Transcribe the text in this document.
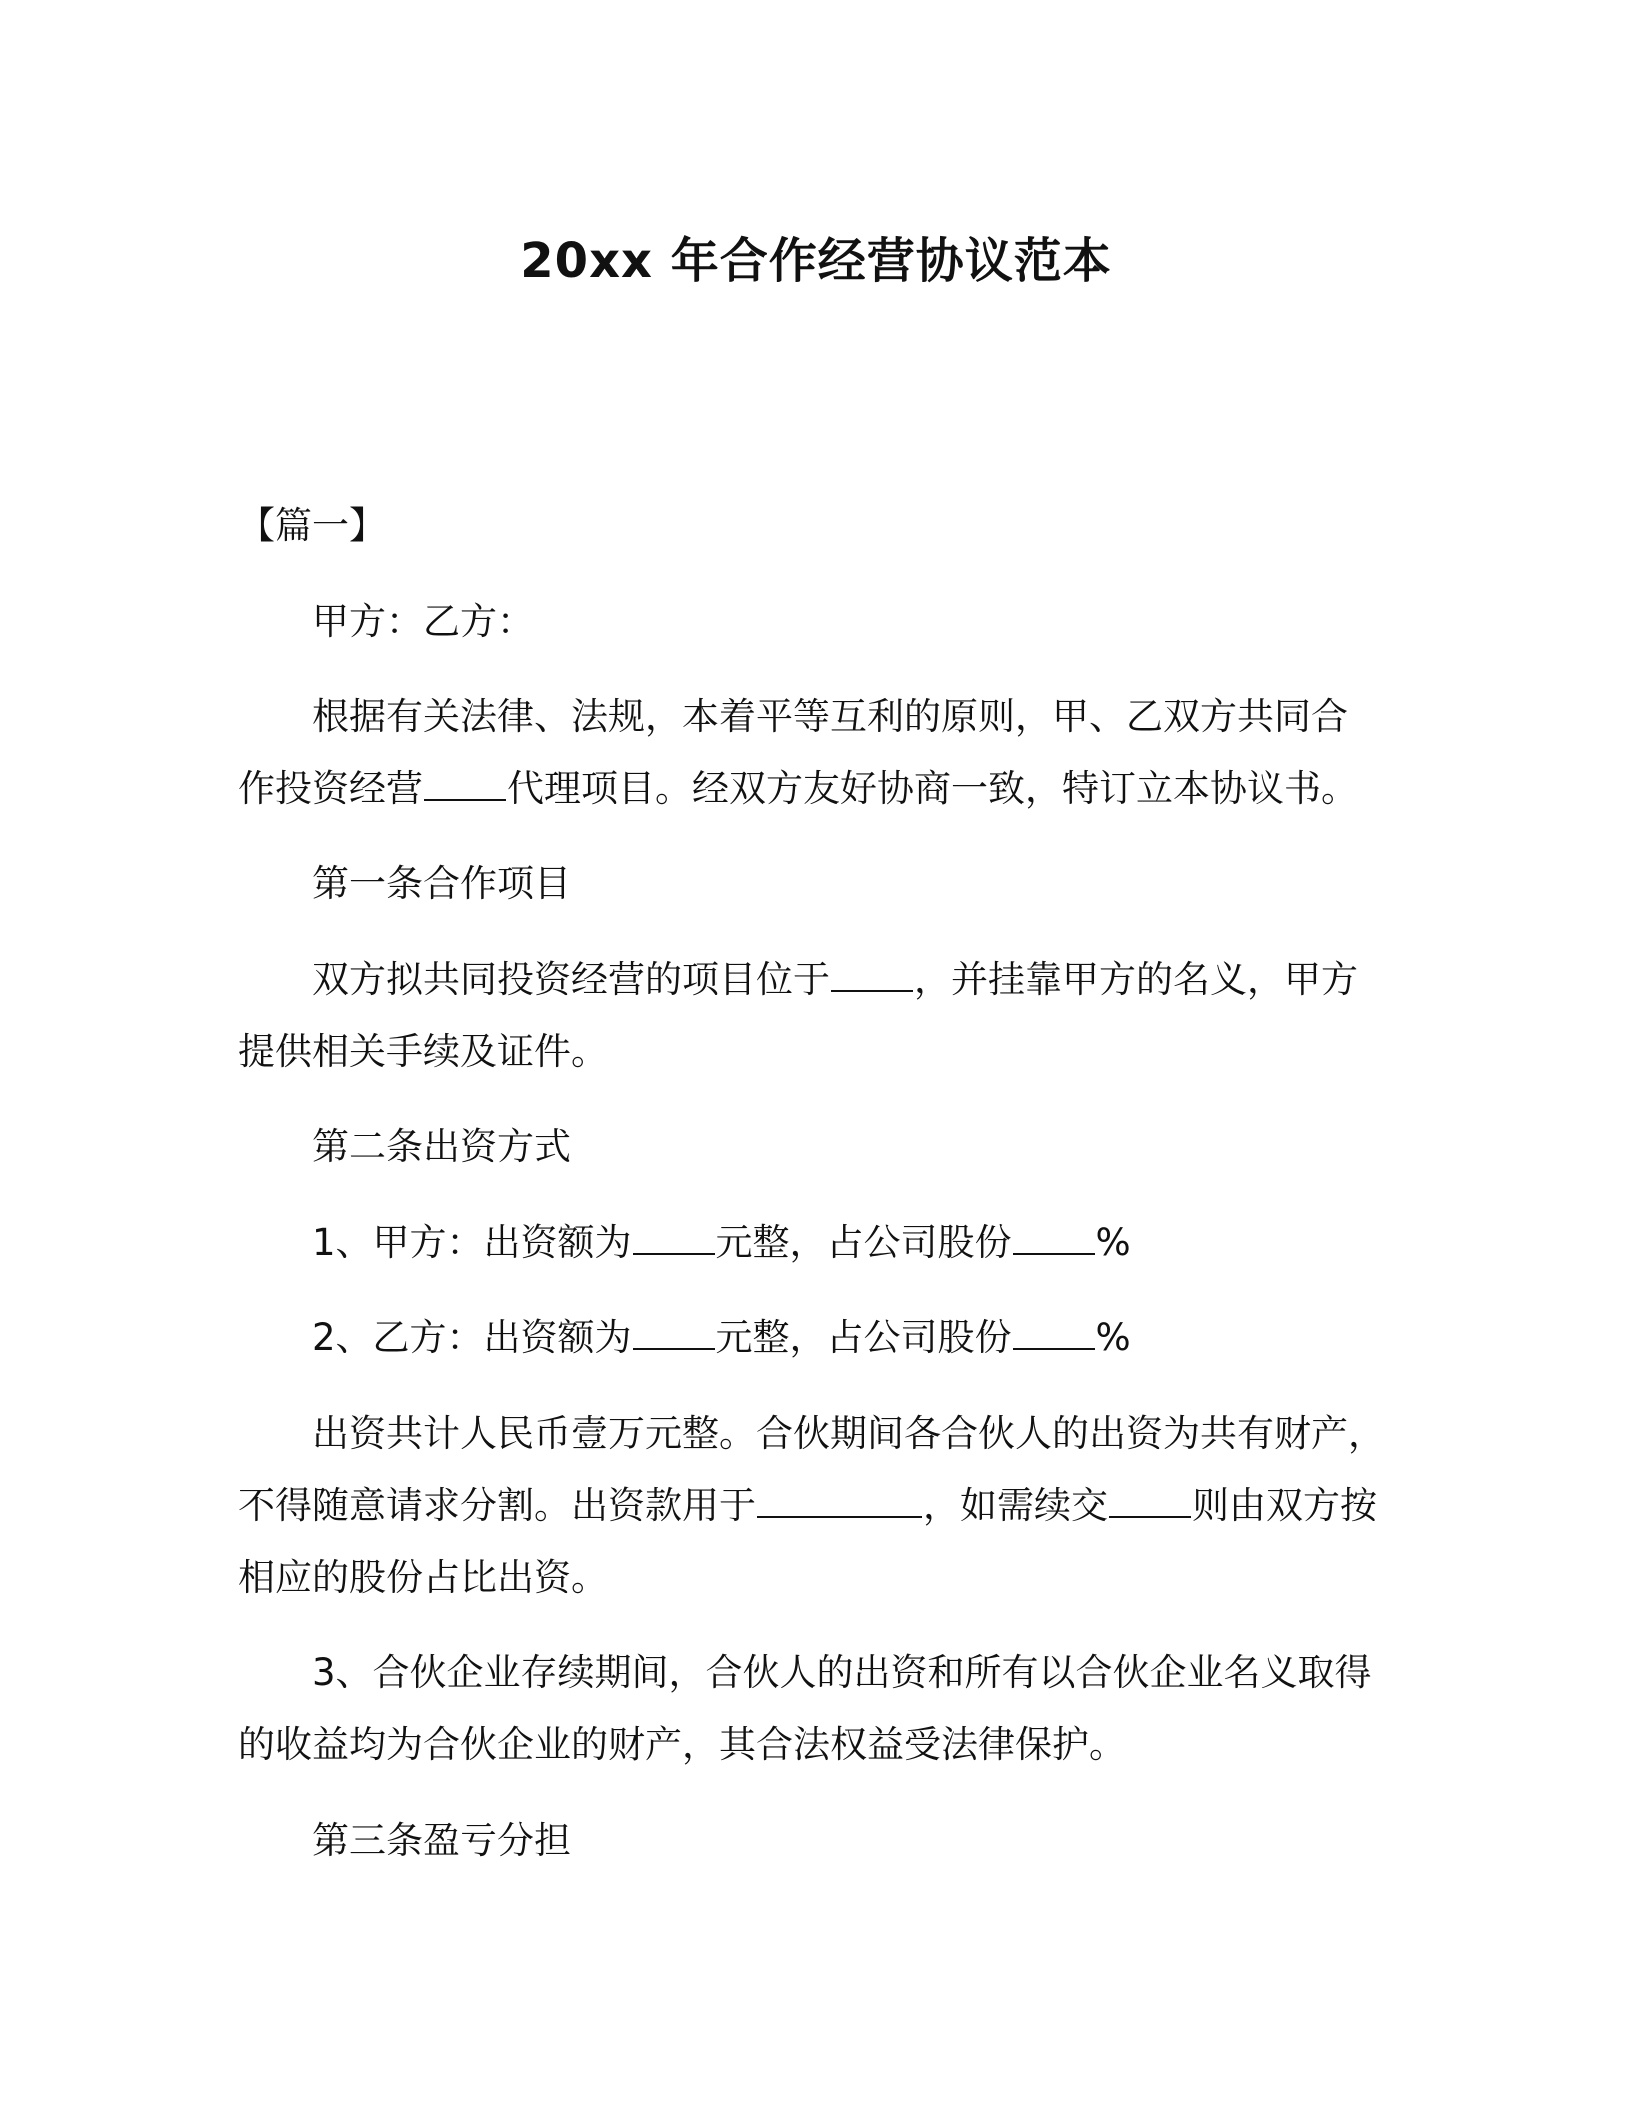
20xx 年合作经营协议范本

【篇一】

甲方：乙方：

根据有关法律、法规，本着平等互利的原则，甲、乙双方共同合

作投资经营 代理项目。经双方友好协商一致，特订立本协议书。

第一条合作项目

双方拟共同投资经营的项目位于 ，并挂靠甲方的名义，甲方

提供相关手续及证件。

第二条出资方式

1、甲方：出资额为 元整，占公司股份 %

2、乙方：出资额为 元整，占公司股份 %

出资共计人民币壹万元整。合伙期间各合伙人的出资为共有财产，

不得随意请求分割。出资款用于	，如需续交 则由双方按

相应的股份占比出资。

3、合伙企业存续期间，合伙人的出资和所有以合伙企业名义取得

的收益均为合伙企业的财产，其合法权益受法律保护。

第三条盈亏分担
